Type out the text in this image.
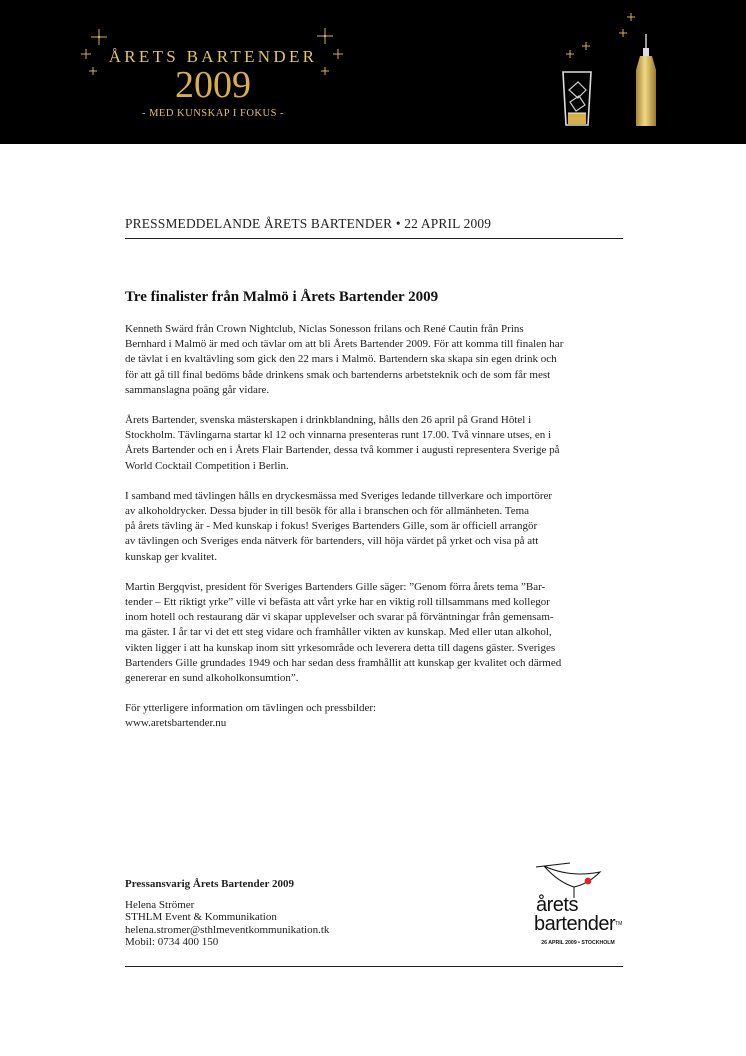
ÅRETS BARTENDER
2009
- MED KUNSKAP I FOKUS -
PRESSMEDDELANDE ÅRETS BARTENDER • 22 APRIL 2009
Tre finalister från Malmö i Årets Bartender 2009

Kenneth Swärd från Crown Nightclub, Niclas Sonesson frilans och René Cautin från Prins
Bernhard i Malmö är med och tävlar om att bli Årets Bartender 2009. För att komma till finalen har
de tävlat i en kvaltävling som gick den 22 mars i Malmö. Bartendern ska skapa sin egen drink och
för att gå till final bedöms både drinkens smak och bartenderns arbetsteknik och de som får mest
sammanslagna poäng går vidare.

Årets Bartender, svenska mästerskapen i drinkblandning, hålls den 26 april på Grand Hôtel i
Stockholm. Tävlingarna startar kl 12 och vinnarna presenteras runt 17.00. Två vinnare utses, en i
Årets Bartender och en i Årets Flair Bartender, dessa två kommer i augusti representera Sverige på
World Cocktail Competition i Berlin.

I samband med tävlingen hålls en dryckesmässa med Sveriges ledande tillverkare och importörer
av alkoholdrycker. Dessa bjuder in till besök för alla i branschen och för allmänheten. Tema
på årets tävling är - Med kunskap i fokus! Sveriges Bartenders Gille, som är officiell arrangör
av tävlingen och Sveriges enda nätverk för bartenders, vill höja värdet på yrket och visa på att
kunskap ger kvalitet.

Martin Bergqvist, president för Sveriges Bartenders Gille säger: ”Genom förra årets tema ”Bar-
tender – Ett riktigt yrke” ville vi befästa att vårt yrke har en viktig roll tillsammans med kollegor
inom hotell och restaurang där vi skapar upplevelser och svarar på förväntningar från gemensam-
ma gäster. I år tar vi det ett steg vidare och framhåller vikten av kunskap. Med eller utan alkohol,
vikten ligger i att ha kunskap inom sitt yrkesområde och leverera detta till dagens gäster. Sveriges
Bartenders Gille grundades 1949 och har sedan dess framhållit att kunskap ger kvalitet och därmed
genererar en sund alkoholkonsumtion”.

För ytterligere information om tävlingen och pressbilder:
www.aretsbartender.nu

Pressansvarig Årets Bartender 2009
Helena Strömer
STHLM Event & Kommunikation
helena.stromer@sthlmeventkommunikation.tk
Mobil: 0734 400 150
årets
bartender™
26 APRIL 2009 • STOCKHOLM
